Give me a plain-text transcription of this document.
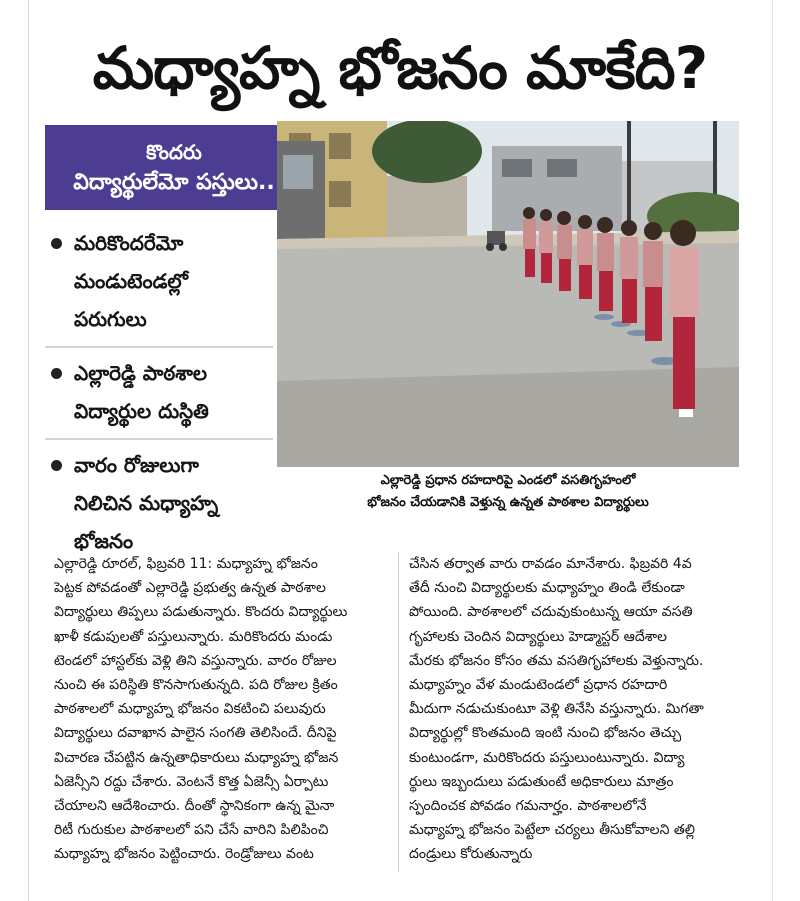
మధ్యాహ్న భోజనం మాకేది?
కొందరు
విద్యార్థులేమో పస్తులు..
మరికొందరేమో
మండుటెండల్లో
పరుగులు
ఎల్లారెడ్డి పాఠశాల
విద్యార్థుల దుస్థితి
వారం రోజులుగా
నిలిచిన మధ్యాహ్న
భోజనం
ఎల్లారెడ్డి ప్రధాన రహదారిపై ఎండలో వసతిగృహంలో
భోజనం చేయడానికి వెళ్తున్న ఉన్నత పాఠశాల విద్యార్థులు
ఎల్లారెడ్డి రూరల్, ఫిబ్రవరి 11: మధ్యాహ్న భోజనం
పెట్టక పోవడంతో ఎల్లారెడ్డి ప్రభుత్వ ఉన్నత పాఠశాల
విద్యార్థులు తిప్పలు పడుతున్నారు. కొందరు విద్యార్థులు
ఖాళీ కడుపులతో పస్తులున్నారు. మరికొందరు మండు
టెండలో హాస్టల్‌కు వెళ్లి తిని వస్తున్నారు. వారం రోజుల
నుంచి ఈ పరిస్థితి కొనసాగుతున్నది. పది రోజుల క్రితం
పాఠశాలలో మధ్యాహ్న భోజనం వికటించి పలువురు
విద్యార్థులు దవాఖాన పాలైన సంగతి తెలిసిందే. దీనిపై
విచారణ చేపట్టిన ఉన్నతాధికారులు మధ్యాహ్న భోజన
ఏజెన్సీని రద్దు చేశారు. వెంటనే కొత్త ఏజెన్సీ ఏర్పాటు
చేయాలని ఆదేశించారు. దీంతో స్థానికంగా ఉన్న మైనా
రిటీ గురుకుల పాఠశాలలో పని చేసే వారిని పిలిపించి
మధ్యాహ్న భోజనం పెట్టించారు. రెండ్రోజులు వంట
చేసిన తర్వాత వారు రావడం మానేశారు. ఫిబ్రవరి 4వ
తేదీ నుంచి విద్యార్థులకు మధ్యాహ్నం తిండి లేకుండా
పోయింది. పాఠశాలలో చదువుకుంటున్న ఆయా వసతి
గృహాలకు చెందిన విద్యార్థులు హెడ్మాస్టర్ ఆదేశాల
మేరకు భోజనం కోసం తమ వసతిగృహాలకు వెళ్తున్నారు.
మధ్యాహ్నం వేళ మండుటెండలో ప్రధాన రహదారి
మీదుగా నడుచుకుంటూ వెళ్లి తినేసి వస్తున్నారు. మిగతా
విద్యార్థుల్లో కొంతమంది ఇంటి నుంచి భోజనం తెచ్చు
కుంటుండగా, మరికొందరు పస్తులుంటున్నారు. విద్యా
ర్థులు ఇబ్బందులు పడుతుంటే అధికారులు మాత్రం
స్పందించక పోవడం గమనార్హం. పాఠశాలలోనే
మధ్యాహ్న భోజనం పెట్టేలా చర్యలు తీసుకోవాలని తల్లి
దండ్రులు కోరుతున్నారు
